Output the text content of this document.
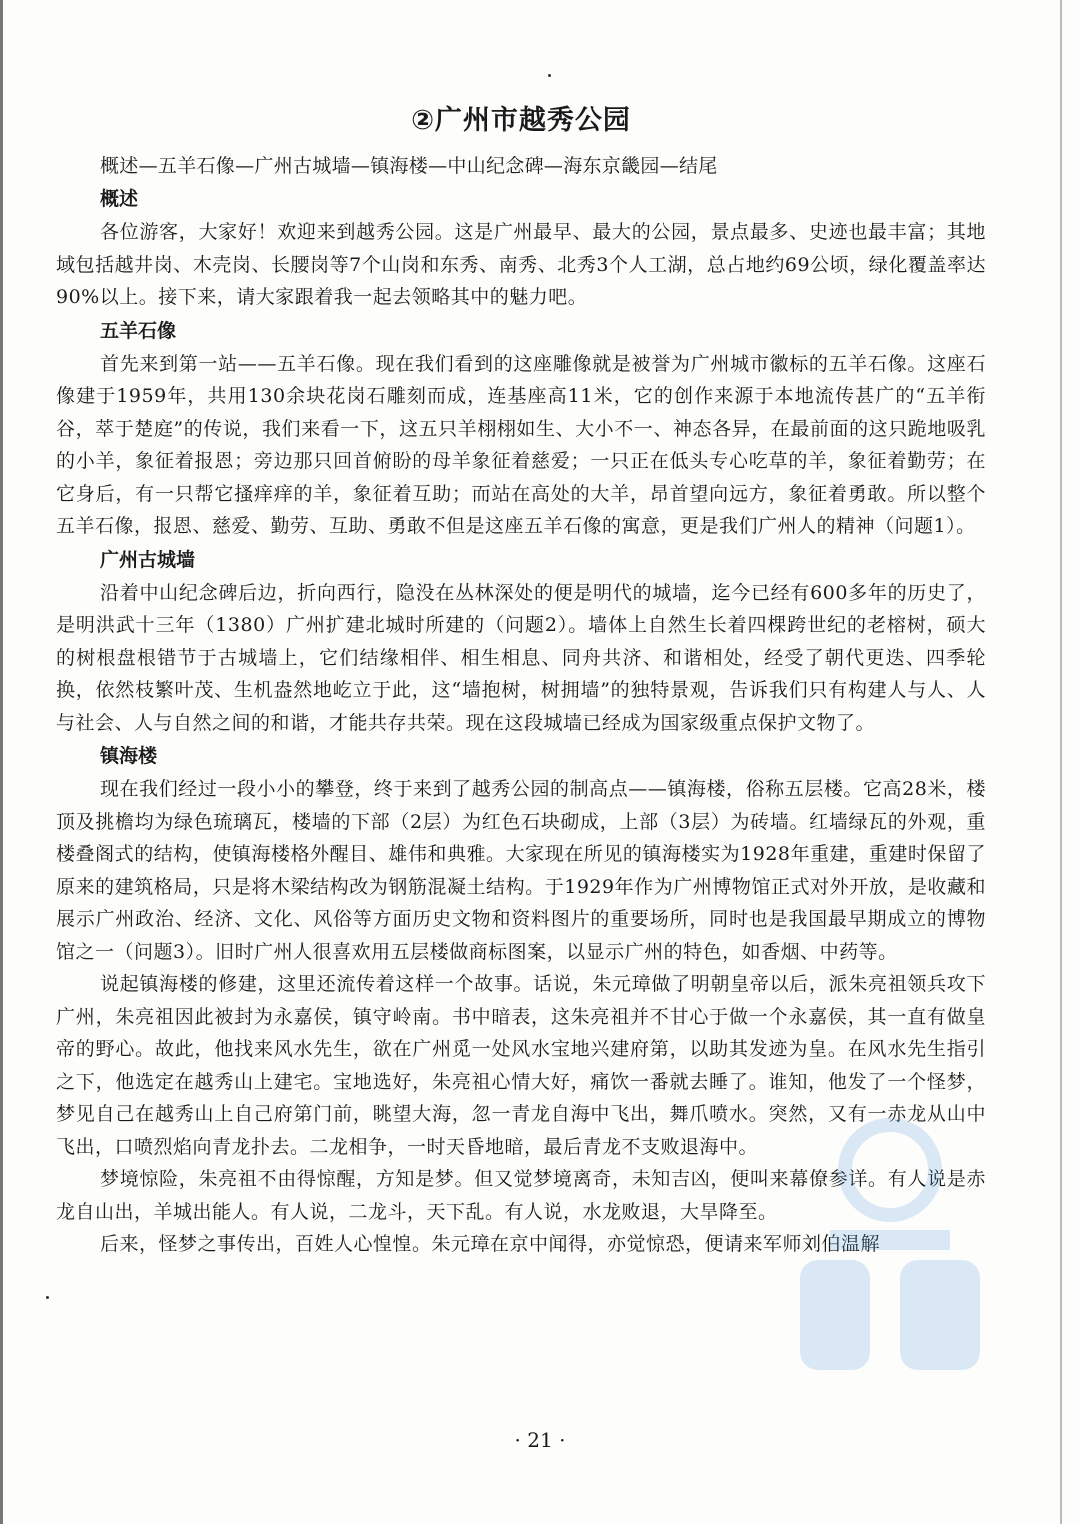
②广州市越秀公园
概述—五羊石像—广州古城墙—镇海楼—中山纪念碑—海东京畿园—结尾
概述

各位游客，大家好！欢迎来到越秀公园。这是广州最早、最大的公园，景点最多、史迹也最丰富；其地域包括越井岗、木壳岗、长腰岗等7个山岗和东秀、南秀、北秀3个人工湖，总占地约69公顷，绿化覆盖率达90%以上。接下来，请大家跟着我一起去领略其中的魅力吧。

五羊石像

首先来到第一站——五羊石像。现在我们看到的这座雕像就是被誉为广州城市徽标的五羊石像。这座石像建于1959年，共用130余块花岗石雕刻而成，连基座高11米，它的创作来源于本地流传甚广的“五羊衔谷，萃于楚庭”的传说，我们来看一下，这五只羊栩栩如生、大小不一、神态各异，在最前面的这只跪地吸乳的小羊，象征着报恩；旁边那只回首俯盼的母羊象征着慈爱；一只正在低头专心吃草的羊，象征着勤劳；在它身后，有一只帮它搔痒痒的羊，象征着互助；而站在高处的大羊，昂首望向远方，象征着勇敢。所以整个五羊石像，报恩、慈爱、勤劳、互助、勇敢不但是这座五羊石像的寓意，更是我们广州人的精神（问题1）。

广州古城墙

沿着中山纪念碑后边，折向西行，隐没在丛林深处的便是明代的城墙，迄今已经有600多年的历史了，是明洪武十三年（1380）广州扩建北城时所建的（问题2）。墙体上自然生长着四棵跨世纪的老榕树，硕大的树根盘根错节于古城墙上，它们结缘相伴、相生相息、同舟共济、和谐相处，经受了朝代更迭、四季轮换，依然枝繁叶茂、生机盎然地屹立于此，这“墙抱树，树拥墙”的独特景观，告诉我们只有构建人与人、人与社会、人与自然之间的和谐，才能共存共荣。现在这段城墙已经成为国家级重点保护文物了。

镇海楼

现在我们经过一段小小的攀登，终于来到了越秀公园的制高点——镇海楼，俗称五层楼。它高28米，楼顶及挑檐均为绿色琉璃瓦，楼墙的下部（2层）为红色石块砌成，上部（3层）为砖墙。红墙绿瓦的外观，重楼叠阁式的结构，使镇海楼格外醒目、雄伟和典雅。大家现在所见的镇海楼实为1928年重建，重建时保留了原来的建筑格局，只是将木梁结构改为钢筋混凝土结构。于1929年作为广州博物馆正式对外开放，是收藏和展示广州政治、经济、文化、风俗等方面历史文物和资料图片的重要场所，同时也是我国最早期成立的博物馆之一（问题3）。旧时广州人很喜欢用五层楼做商标图案，以显示广州的特色，如香烟、中药等。

说起镇海楼的修建，这里还流传着这样一个故事。话说，朱元璋做了明朝皇帝以后，派朱亮祖领兵攻下广州，朱亮祖因此被封为永嘉侯，镇守岭南。书中暗表，这朱亮祖并不甘心于做一个永嘉侯，其一直有做皇帝的野心。故此，他找来风水先生，欲在广州觅一处风水宝地兴建府第，以助其发迹为皇。在风水先生指引之下，他选定在越秀山上建宅。宝地选好，朱亮祖心情大好，痛饮一番就去睡了。谁知，他发了一个怪梦，梦见自己在越秀山上自己府第门前，眺望大海，忽一青龙自海中飞出，舞爪喷水。突然，又有一赤龙从山中飞出，口喷烈焰向青龙扑去。二龙相争，一时天昏地暗，最后青龙不支败退海中。

梦境惊险，朱亮祖不由得惊醒，方知是梦。但又觉梦境离奇，未知吉凶，便叫来幕僚参详。有人说是赤龙自山出，羊城出能人。有人说，二龙斗，天下乱。有人说，水龙败退，大旱降至。

后来，怪梦之事传出，百姓人心惶惶。朱元璋在京中闻得，亦觉惊恐，便请来军师刘伯温解

· 21 ·
